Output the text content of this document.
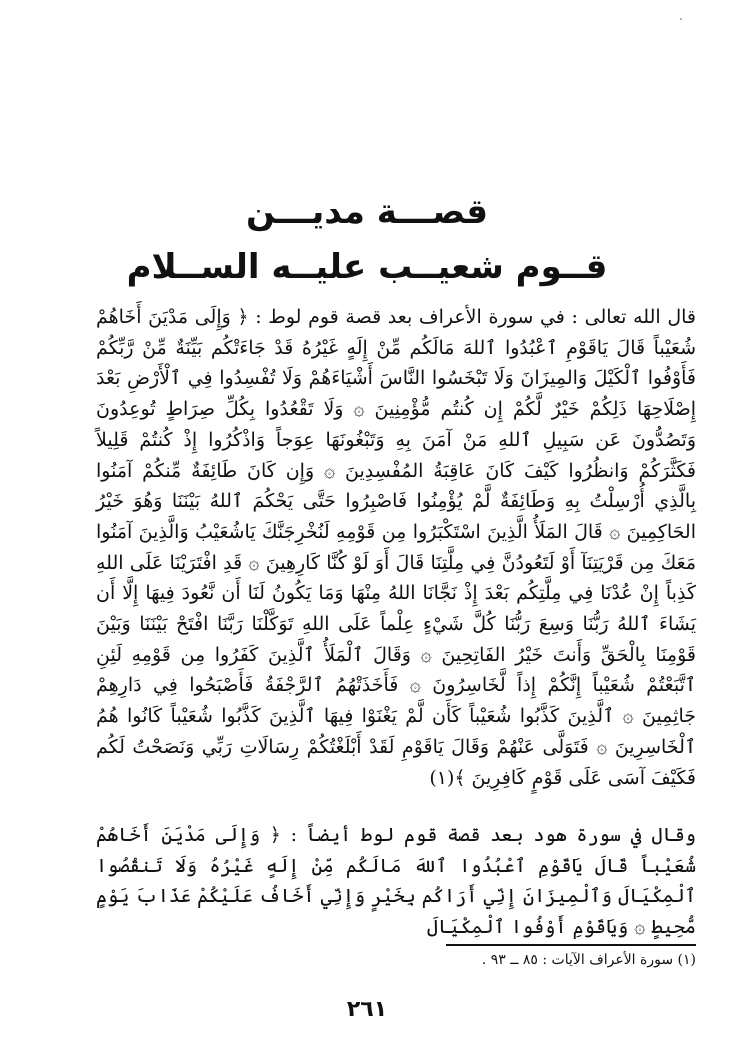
قصـــة مديـــن
قــوم شعيــب عليــه الســلام
قال الله تعالى : في سورة الأعراف بعد قصة قوم لوط : ﴿ وَإِلَى مَدْيَنَ أَخَاهُمْ شُعَيْباً قَالَ يَاقَوْمِ ٱعْبُدُوا ٱللهَ مَالَكُم مِّنْ إِلَهٍ غَيْرُهُ قَدْ جَاءَتْكُم بَيِّنَةٌ مِّنْ رَّبِّكُمْ فَأَوْفُوا ٱلْكَيْلَ وَالمِيزَانَ وَلَا تَبْخَسُوا النَّاسَ أَشْيَاءَهُمْ وَلَا تُفْسِدُوا فِي ٱلْأَرْضِ بَعْدَ إِصْلَاحِهَا ذَلِكُمْ خَيْرٌ لَّكُمْ إِن كُنتُم مُّؤْمِنِينَ ۞ وَلَا تَقْعُدُوا بِكُلِّ صِرَاطٍ تُوعِدُونَ وَتَصُدُّونَ عَن سَبِيلِ ٱللهِ مَنْ آمَنَ بِهِ وَتَبْغُونَهَا عِوَجاً وَاذْكُرُوا إِذْ كُنتُمْ قَلِيلاً فَكَثَّرَكُمْ وَانظُرُوا كَيْفَ كَانَ عَاقِبَةُ المُفْسِدِينَ ۞ وَإِن كَانَ طَائِفَةٌ مِّنكُمْ آمَنُوا بِالَّذِي أُرْسِلْتُ بِهِ وَطَائِفَةٌ لَّمْ يُؤْمِنُوا فَاصْبِرُوا حَتَّى يَحْكُمَ ٱللهُ بَيْنَنَا وَهُوَ خَيْرُ الحَاكِمِينَ ۞ قَالَ المَلَأُ الَّذِينَ اسْتَكْبَرُوا مِن قَوْمِهِ لَنُخْرِجَنَّكَ يَاشُعَيْبُ وَالَّذِينَ آمَنُوا مَعَكَ مِن قَرْيَتِنَآ أَوْ لَتَعُودُنَّ فِي مِلَّتِنَا قَالَ أَوَ لَوْ كُنَّا كَارِهِينَ ۞ قَدِ افْتَرَيْنَا عَلَى اللهِ كَذِباً إِنْ عُدْنَا فِي مِلَّتِكُم بَعْدَ إِذْ نَجَّانَا اللهُ مِنْهَا وَمَا يَكُونُ لَنَا أَن نَّعُودَ فِيهَا إِلَّا أَن يَشَاءَ ٱللهُ رَبُّنَا وَسِعَ رَبُّنَا كُلَّ شَيْءٍ عِلْماً عَلَى اللهِ تَوَكَّلْنَا رَبَّنَا افْتَحْ بَيْنَنَا وَبَيْنَ قَوْمِنَا بِالْحَقِّ وَأَنتَ خَيْرُ الفَاتِحِينَ ۞ وَقَالَ ٱلْمَلَأُ ٱلَّذِينَ كَفَرُوا مِن قَوْمِهِ لَئِنِ ٱتَّبَعْتُمْ شُعَيْباً إِنَّكُمْ إِذاً لَّخَاسِرُونَ ۞ فَأَخَذَتْهُمُ ٱلرَّجْفَةُ فَأَصْبَحُوا فِي دَارِهِمْ جَاثِمِينَ ۞ ٱلَّذِينَ كَذَّبُوا شُعَيْباً كَأَن لَّمْ يَغْنَوْا فِيهَا ٱلَّذِينَ كَذَّبُوا شُعَيْباً كَانُوا هُمُ ٱلْخَاسِرِينَ ۞ فَتَوَلَّى عَنْهُمْ وَقَالَ يَاقَوْمِ لَقَدْ أَبْلَغْتُكُمْ رِسَالَاتِ رَبِّي وَنَصَحْتُ لَكُم فَكَيْفَ آسَى عَلَى قَوْمٍ كَافِرِينَ ﴾(١)
وقال في سورة هود بعد قصة قوم لوط أيضاً : ﴿ وَإِلَى مَدْيَنَ أَخَاهُمْ شُعَيْباً قَالَ يَاقَوْمِ ٱعْبُدُوا ٱللهَ مَالَكُم مِّنْ إِلَهٍ غَيْرُهُ وَلَا تَنقُصُوا ٱلْمِكْيَالَ وَٱلْمِيزَانَ إِنِّي أَرَاكُم بِخَيْرٍ وَإِنِّي أَخَافُ عَلَيْكُمْ عَذَابَ يَوْمٍ مُّحِيطٍ ۞ وَيَاقَوْمِ أَوْفُوا ٱلْمِكْيَالَ
(١) سورة الأعراف الآيات : ٨٥ ــ ٩٣ .
٢٦١
